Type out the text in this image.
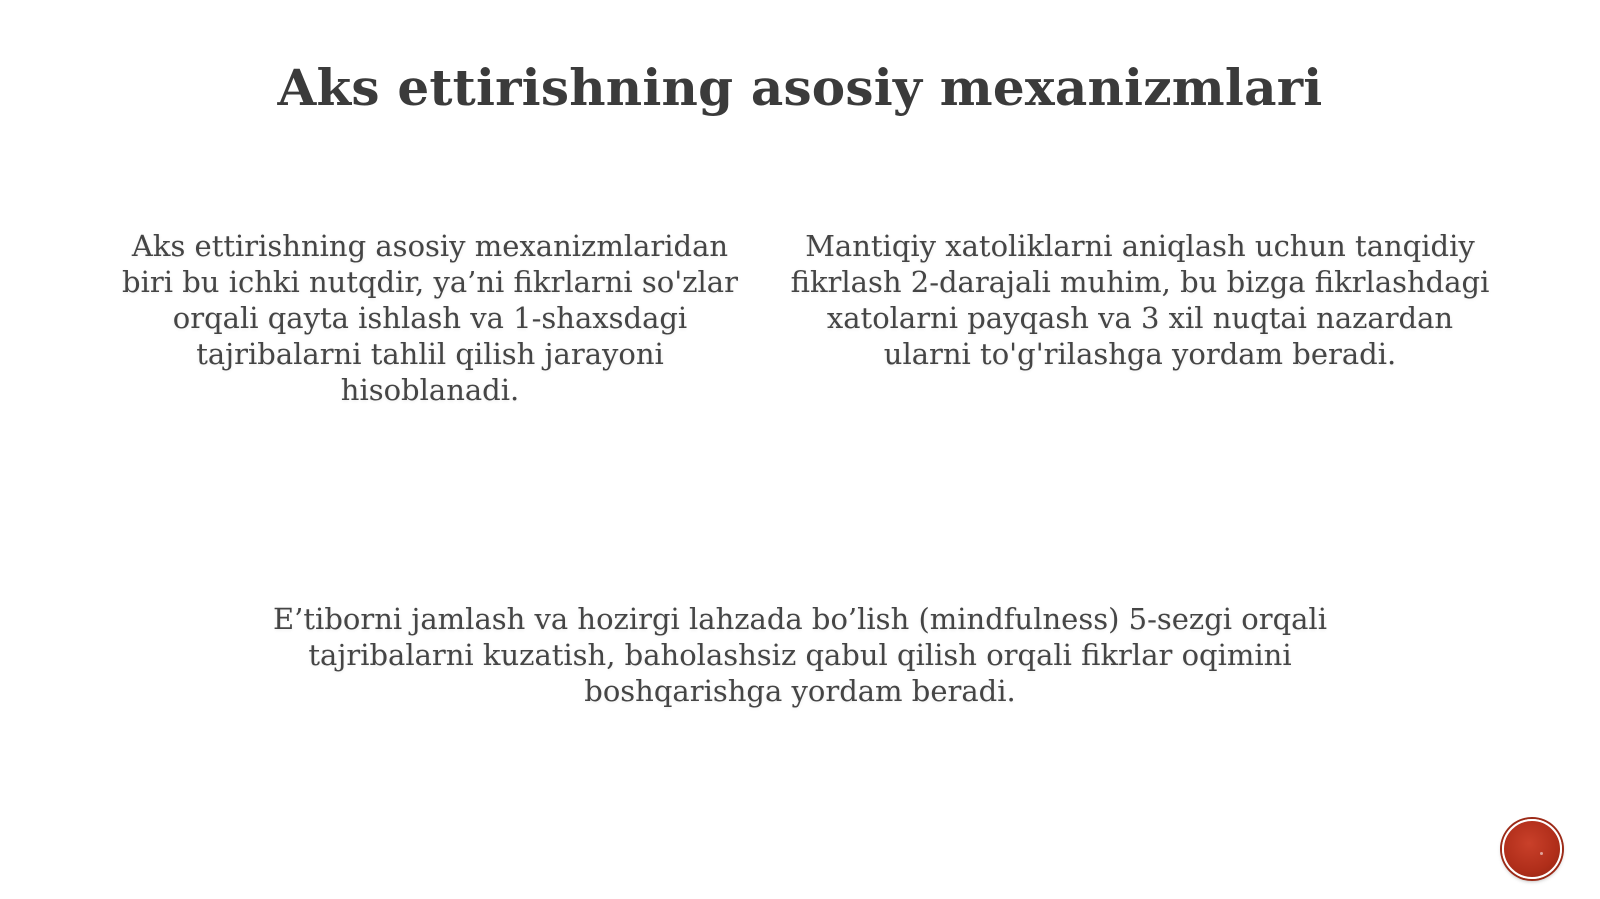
Aks ettirishning asosiy mexanizmlari
Aks ettirishning asosiy mexanizmlaridan biri bu ichki nutqdir, ya’ni fikrlarni so'zlar orqali qayta ishlash va 1-shaxsdagi tajribalarni tahlil qilish jarayoni hisoblanadi.
Mantiqiy xatoliklarni aniqlash uchun tanqidiy fikrlash 2-darajali muhim, bu bizga fikrlashdagi xatolarni payqash va 3 xil nuqtai nazardan ularni to'g'rilashga yordam beradi.
E’tiborni jamlash va hozirgi lahzada bo’lish (mindfulness) 5-sezgi orqali tajribalarni kuzatish, baholashsiz qabul qilish orqali fikrlar oqimini boshqarishga yordam beradi.
